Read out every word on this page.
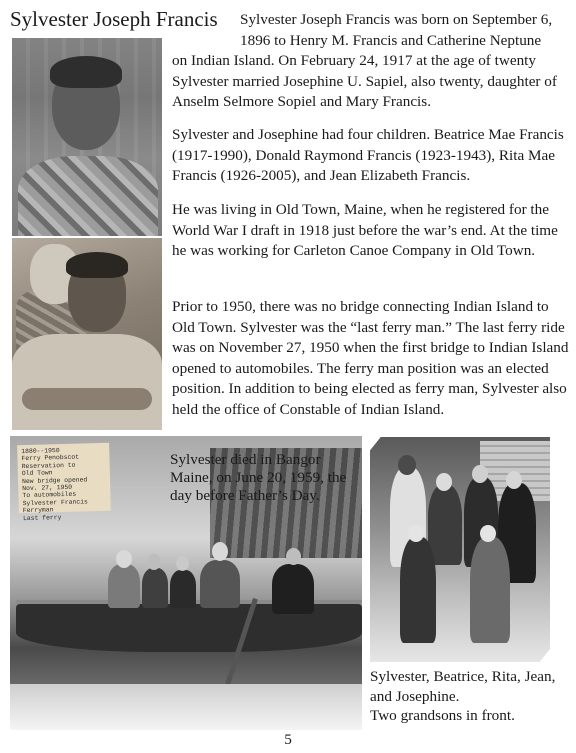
Sylvester Joseph Francis Sylvester Joseph Francis was born on September 6, 1896 to Henry M. Francis and Catherine Neptune

on Indian Island. On February 24, 1917 at the age of twenty Sylvester married Josephine U. Sapiel, also twenty, daughter of Anselm Selmore Sopiel and Mary Francis.

Sylvester and Josephine had four children. Beatrice Mae Francis (1917-1990), Donald Raymond Francis (1923-1943), Rita Mae Francis (1926-2005), and Jean Elizabeth Francis.

He was living in Old Town, Maine, when he registered for the World War I draft in 1918 just before the war’s end. At the time he was working for Carleton Canoe Company in Old Town.

Prior to 1950, there was no bridge connecting Indian Island to Old Town. Sylvester was the “last ferry man.” The last ferry ride was on November 27, 1950 when the first bridge to Indian Island opened to automobiles. The ferry man position was an elected position. In addition to being elected as ferry man, Sylvester also held the office of Constable of Indian Island.

1880--1950
Ferry Penobscot
Reservation to
Old Town
New bridge opened
Nov. 27, 1950
To automobiles
Sylvester Francis
Ferryman
Last ferry

Sylvester died in Bangor Maine, on June 20, 1959, the day before Father’s Day.

Sylvester, Beatrice, Rita, Jean, and Josephine.
Two grandsons in front.
5
